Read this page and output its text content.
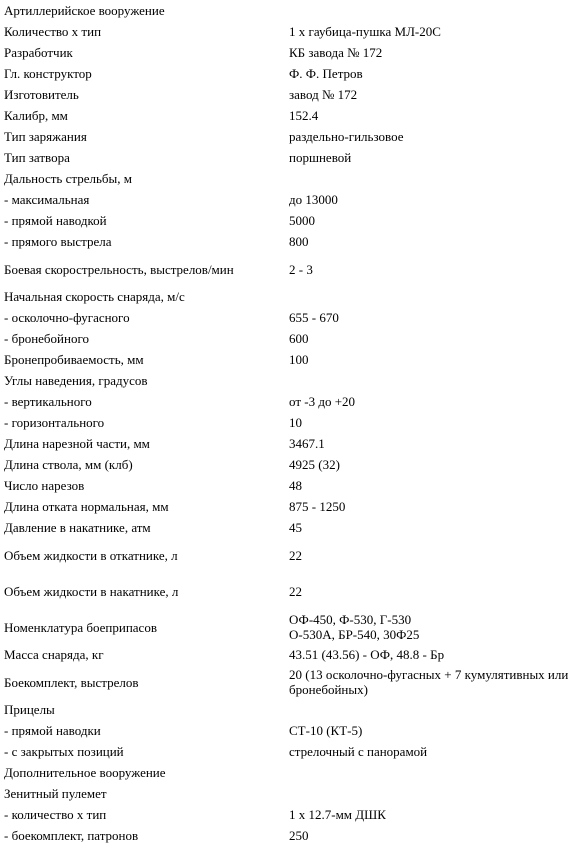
Артиллерийское вооружение	
Количество х тип	1 х гаубица-пушка МЛ-20С
Разработчик	КБ завода № 172
Гл. конструктор	Ф. Ф. Петров
Изготовитель	завод № 172
Калибр, мм	152.4
Тип заряжания	раздельно-гильзовое
Тип затвора	поршневой
Дальность стрельбы, м	
- максимальная	до 13000
- прямой наводкой	5000
- прямого выстрела	800
Боевая скорострельность, выстрелов/мин	2 - 3
Начальная скорость снаряда, м/с	
- осколочно-фугасного	655 - 670
- бронебойного	600
Бронепробиваемость, мм	100
Углы наведения, градусов	
- вертикального	от -3 до +20
- горизонтального	10
Длина нарезной части, мм	3467.1
Длина ствола, мм (клб)	4925 (32)
Число нарезов	48
Длина отката нормальная, мм	875 - 1250
Давление в накатнике, атм	45
Объем жидкости в откатнике, л	22
Объем жидкости в накатнике, л	22
Номенклатура боеприпасов	ОФ-450, Ф-530, Г-530
О-530А, БР-540, 30Ф25
Масса снаряда, кг	43.51 (43.56) - ОФ, 48.8 - Бр
Боекомплект, выстрелов	20 (13 осколочно-фугасных + 7 кумулятивных или бронебойных)
Прицелы	
- прямой наводки	СТ-10 (КТ-5)
- с закрытых позиций	стрелочный с панорамой
Дополнительное вооружение	
Зенитный пулемет	
- количество х тип	1 х 12.7-мм ДШК
- боекомплект, патронов	250
